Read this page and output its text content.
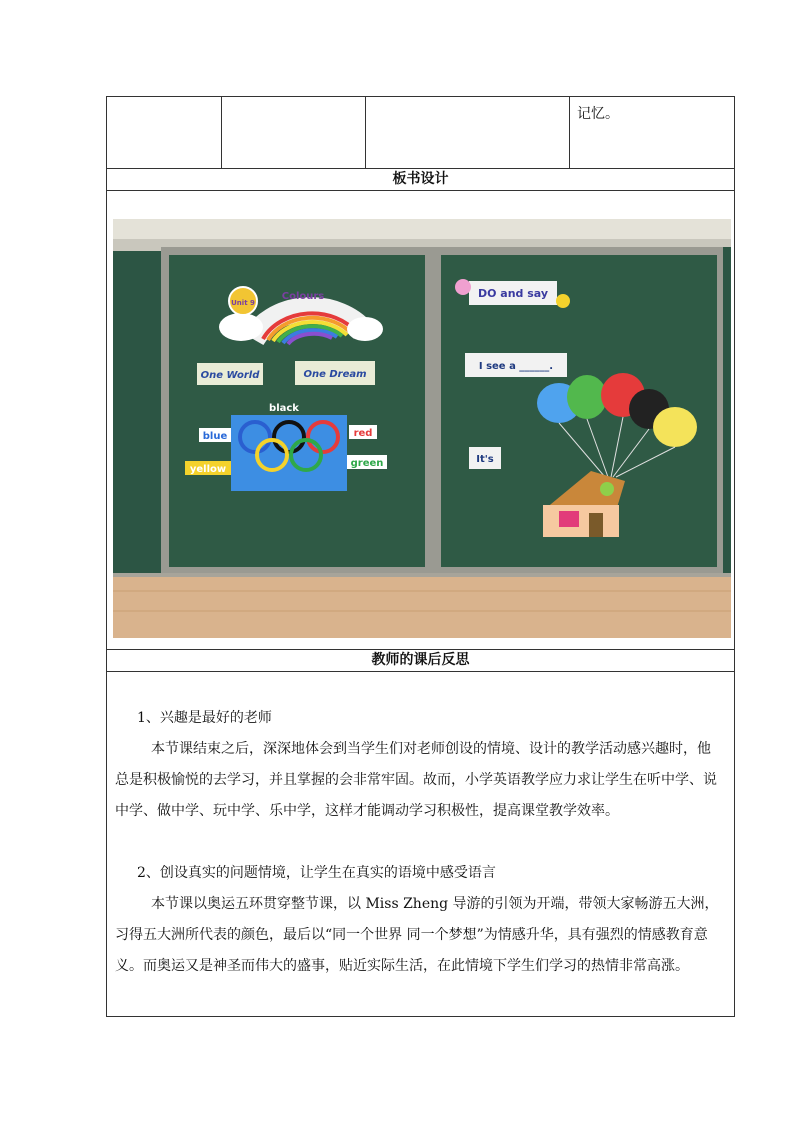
记忆。
板书设计
Unit 9
Colours
One World	One Dream
black
blue	red
yellow
green
DO and say
I see a ______.
It's
教师的课后反思
1、兴趣是最好的老师
本节课结束之后，深深地体会到当学生们对老师创设的情境、设计的教学活动感兴趣时，他总是积极愉悦的去学习，并且掌握的会非常牢固。故而，小学英语教学应力求让学生在听中学、说中学、做中学、玩中学、乐中学，这样才能调动学习积极性，提高课堂教学效率。
2、创设真实的问题情境，让学生在真实的语境中感受语言
本节课以奥运五环贯穿整节课，以 Miss Zheng 导游的引领为开端，带领大家畅游五大洲，习得五大洲所代表的颜色，最后以“同一个世界 同一个梦想”为情感升华，具有强烈的情感教育意义。而奥运又是神圣而伟大的盛事，贴近实际生活，在此情境下学生们学习的热情非常高涨。
